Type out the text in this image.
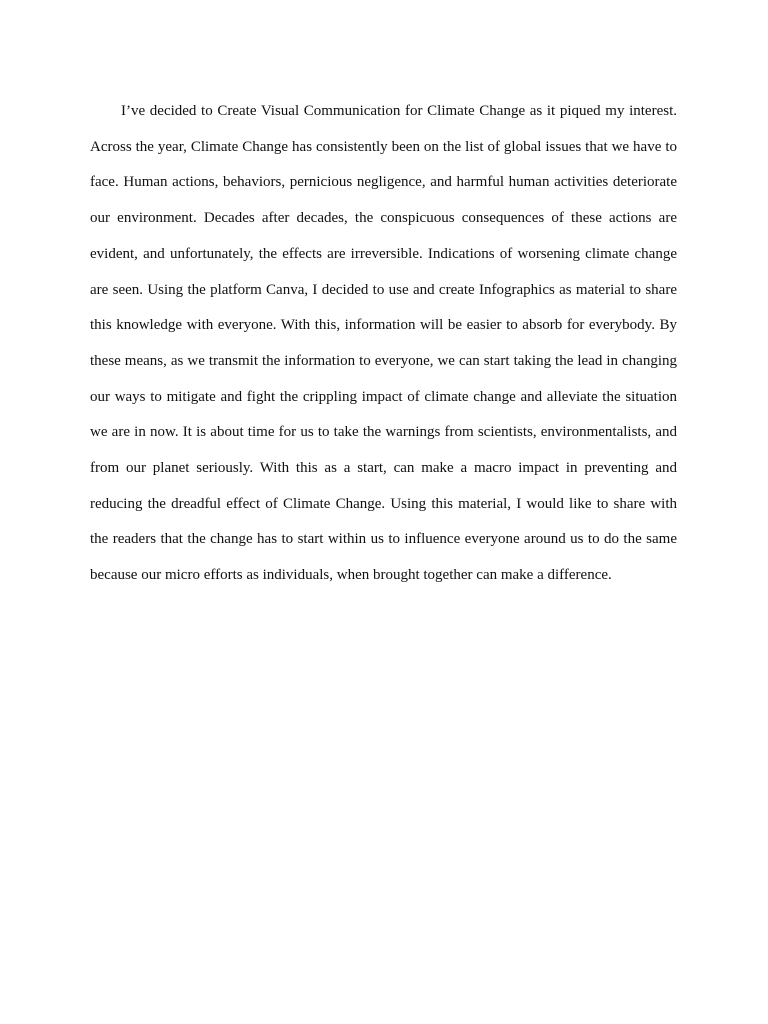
I’ve decided to Create Visual Communication for Climate Change as it piqued my interest. Across the year, Climate Change has consistently been on the list of global issues that we have to face. Human actions, behaviors, pernicious negligence, and harmful human activities deteriorate our environment. Decades after decades, the conspicuous consequences of these actions are evident, and unfortunately, the effects are irreversible. Indications of worsening climate change are seen. Using the platform Canva, I decided to use and create Infographics as material to share this knowledge with everyone. With this, information will be easier to absorb for everybody. By these means, as we transmit the information to everyone, we can start taking the lead in changing our ways to mitigate and fight the crippling impact of climate change and alleviate the situation we are in now. It is about time for us to take the warnings from scientists, environmentalists, and from our planet seriously. With this as a start, can make a macro impact in preventing and reducing the dreadful effect of Climate Change. Using this material, I would like to share with the readers that the change has to start within us to influence everyone around us to do the same because our micro efforts as individuals, when brought together can make a difference.
